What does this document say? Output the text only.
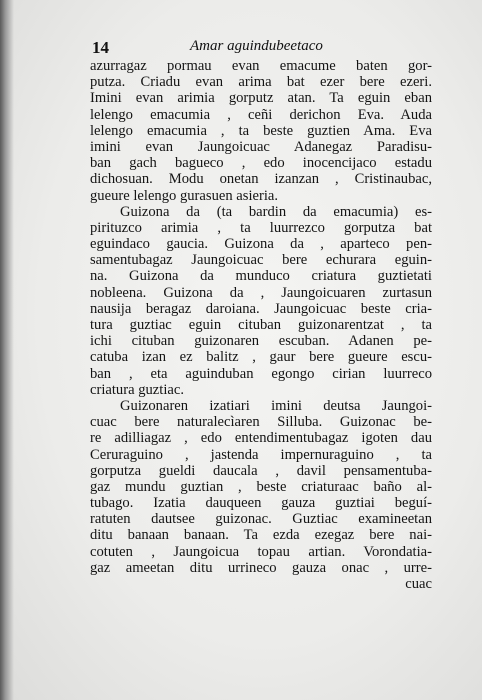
14	Amar aguindubeetaco
azurragaz pormau evan emacume baten gor-
putza. Criadu evan arima bat ezer bere ezeri.
Imini evan arimia gorputz atan. Ta eguin eban
lelengo emacumia , ceñi derichon Eva. Auda
lelengo emacumia , ta beste guztien Ama. Eva
imini evan Jaungoicuac Adanegaz Paradisu-
ban gach bagueco , edo inocencijaco estadu
dichosuan. Modu onetan izanzan , Cristinaubac,
gueure lelengo gurasuen asieria.
Guizona da (ta bardin da emacumia) es-
pirituzco arimia , ta luurrezco gorputza bat
eguindaco gaucia. Guizona da , aparteco pen-
samentubagaz Jaungoicuac bere echurara eguin-
na. Guizona da munduco criatura guztietati
nobleena. Guizona da , Jaungoicuaren zurtasun
nausija beragaz daroiana. Jaungoicuac beste cria-
tura guztiac eguin cituban guizonarentzat , ta
ichi cituban guizonaren escuban. Adanen pe-
catuba izan ez balitz , gaur bere gueure escu-
ban , eta aguinduban egongo cirian luurreco
criatura guztiac.
Guizonaren izatiari imini deutsa Jaungoi-
cuac bere naturalecìaren Silluba. Guizonac be-
re adilliagaz , edo entendimentubagaz igoten dau
Ceruraguino , jastenda impernuraguino , ta
gorputza gueldi daucala , davil pensamentuba-
gaz mundu guztian , beste criaturaac baño al-
tubago. Izatia dauqueen gauza guztiai beguí-
ratuten dautsee guizonac. Guztiac examineetan
ditu banaan banaan. Ta ezda ezegaz bere nai-
cotuten , Jaungoicua topau artian. Vorondatia-
gaz ameetan ditu urrineco gauza onac , urre-
cuac
